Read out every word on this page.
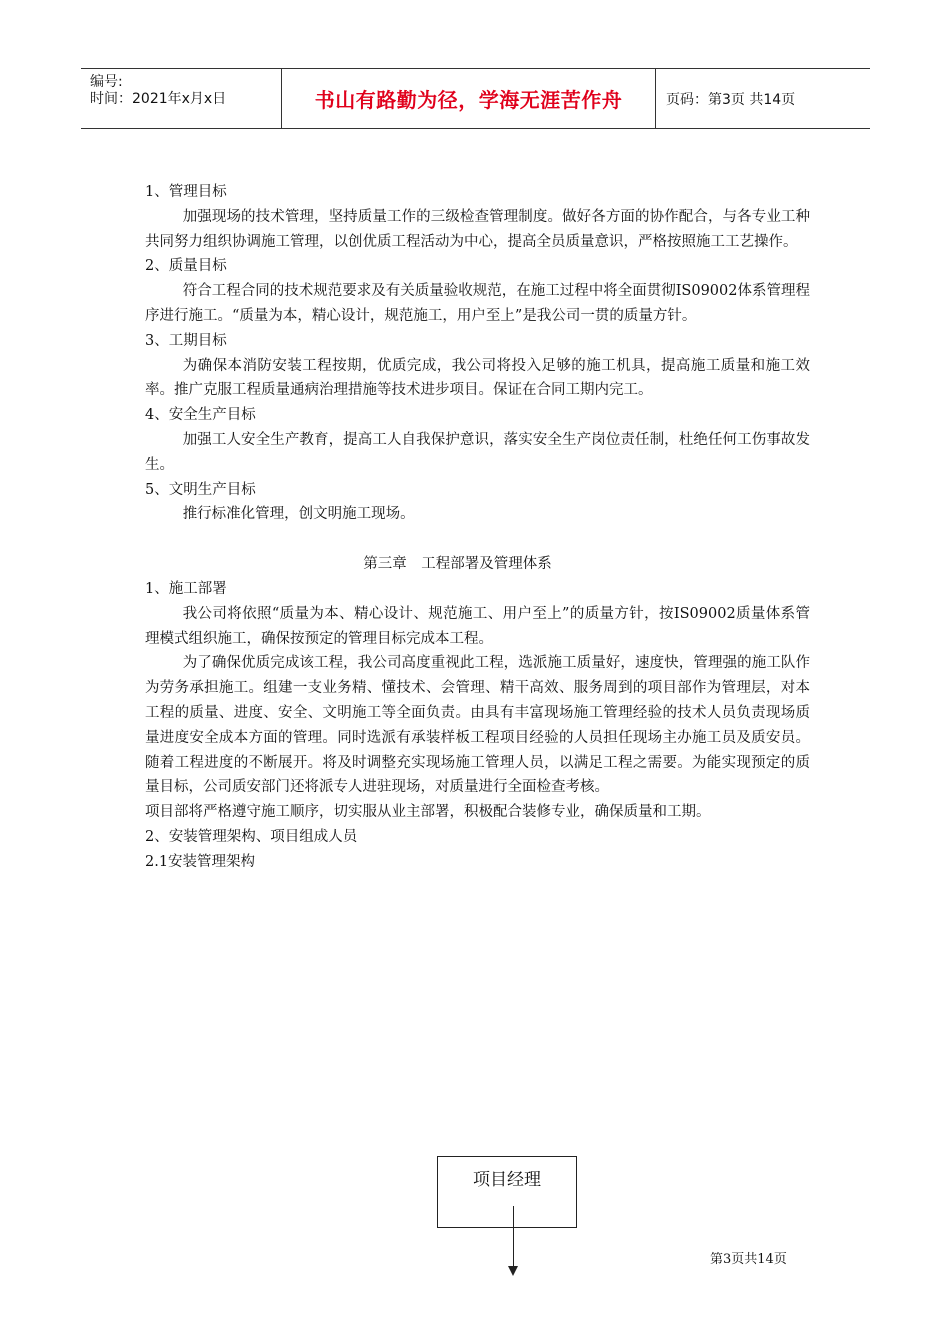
编号:
时间：2021年x月x日	书山有路勤为径，学海无涯苦作舟	页码：第3页 共14页

1、管理目标

加强现场的技术管理，坚持质量工作的三级检查管理制度。做好各方面的协作配合，与各专业工种共同努力组织协调施工管理，以创优质工程活动为中心，提高全员质量意识，严格按照施工工艺操作。

2、质量目标

符合工程合同的技术规范要求及有关质量验收规范，在施工过程中将全面贯彻IS09002体系管理程序进行施工。“质量为本，精心设计，规范施工，用户至上”是我公司一贯的质量方针。

3、工期目标

为确保本消防安装工程按期，优质完成，我公司将投入足够的施工机具，提高施工质量和施工效率。推广克服工程质量通病治理措施等技术进步项目。保证在合同工期内完工。

4、安全生产目标

加强工人安全生产教育，提高工人自我保护意识，落实安全生产岗位责任制，杜绝任何工伤事故发生。

5、文明生产目标

推行标准化管理，创文明施工现场。

第三章　工程部署及管理体系

1、施工部署

我公司将依照“质量为本、精心设计、规范施工、用户至上”的质量方针，按IS09002质量体系管理模式组织施工，确保按预定的管理目标完成本工程。

为了确保优质完成该工程，我公司高度重视此工程，选派施工质量好，速度快，管理强的施工队作为劳务承担施工。组建一支业务精、懂技术、会管理、精干高效、服务周到的项目部作为管理层，对本工程的质量、进度、安全、文明施工等全面负责。由具有丰富现场施工管理经验的技术人员负责现场质量进度安全成本方面的管理。同时选派有承装样板工程项目经验的人员担任现场主办施工员及质安员。随着工程进度的不断展开。将及时调整充实现场施工管理人员，以满足工程之需要。为能实现预定的质量目标，公司质安部门还将派专人进驻现场，对质量进行全面检查考核。

项目部将严格遵守施工顺序，切实服从业主部署，积极配合装修专业，确保质量和工期。

2、安装管理架构、项目组成人员

2.1安装管理架构

项目经理
第3页共14页
